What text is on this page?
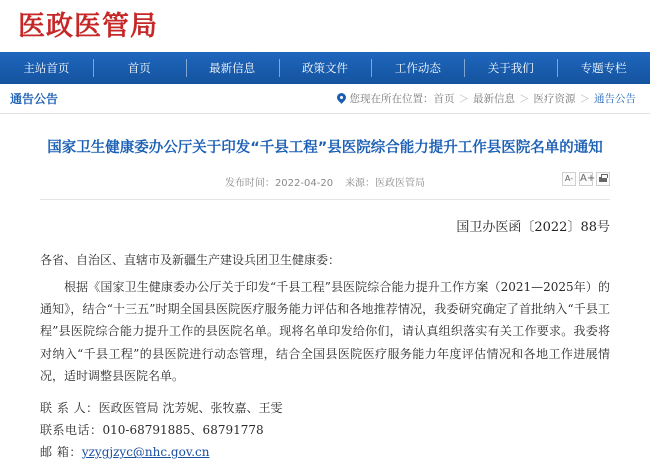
医政医管局
主站首页	首页	最新信息	政策文件	工作动态	关于我们	专题专栏
通告公告	您现在所在位置： 首页 ＞ 最新信息 ＞ 医疗资源 ＞ 通告公告
国家卫生健康委办公厅关于印发“千县工程”县医院综合能力提升工作县医院名单的通知
发布时间：2022-04-20 来源：医政医管局	A- A+
国卫办医函〔2022〕88号

各省、自治区、直辖市及新疆生产建设兵团卫生健康委：

根据《国家卫生健康委办公厅关于印发“千县工程”县医院综合能力提升工作方案（2021—2025年）的通知》，结合“十三五”时期全国县医院医疗服务能力评估和各地推荐情况，我委研究确定了首批纳入“千县工程”县医院综合能力提升工作的县医院名单。现将名单印发给你们，请认真组织落实有关工作要求。我委将对纳入“千县工程”的县医院进行动态管理，结合全国县医院医疗服务能力年度评估情况和各地工作进展情况，适时调整县医院名单。

联 系 人：医政医管局 沈芳妮、张牧嘉、王雯

联系电话：010-68791885、68791778

邮 箱：yzygjzyc@nhc.gov.cn
